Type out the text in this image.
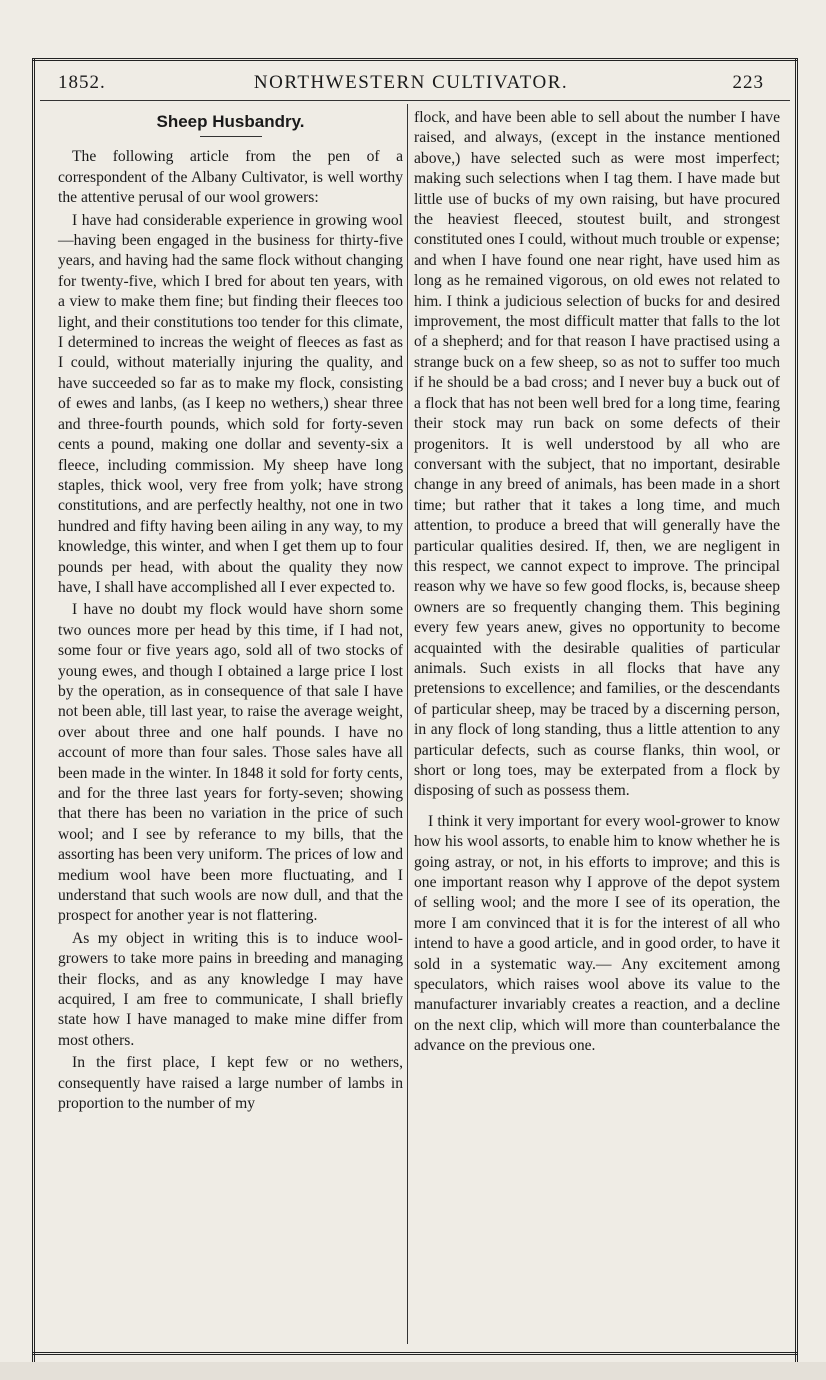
NORTHWESTERN CULTIVATOR.
1852.	223
Sheep Husbandry.

The following article from the pen of a correspondent of the Albany Cultivator, is well worthy the attentive perusal of our wool growers:

I have had considerable experience in growing wool—having been engaged in the business for thirty-five years, and having had the same flock without changing for twenty-five, which I bred for about ten years, with a view to make them fine; but finding their fleeces too light, and their constitutions too tender for this climate, I determined to increas the weight of fleeces as fast as I could, without materially injuring the quality, and have succeeded so far as to make my flock, consisting of ewes and lanbs, (as I keep no wethers,) shear three and three-fourth pounds, which sold for forty-seven cents a pound, making one dollar and seventy-six a fleece, including commission. My sheep have long staples, thick wool, very free from yolk; have strong constitutions, and are perfectly healthy, not one in two hundred and fifty having been ailing in any way, to my knowledge, this winter, and when I get them up to four pounds per head, with about the quality they now have, I shall have accomplished all I ever expected to.

I have no doubt my flock would have shorn some two ounces more per head by this time, if I had not, some four or five years ago, sold all of two stocks of young ewes, and though I obtained a large price I lost by the operation, as in consequence of that sale I have not been able, till last year, to raise the average weight, over about three and one half pounds. I have no account of more than four sales. Those sales have all been made in the winter. In 1848 it sold for forty cents, and for the three last years for forty-seven; showing that there has been no variation in the price of such wool; and I see by referance to my bills, that the assorting has been very uniform. The prices of low and medium wool have been more fluctuating, and I understand that such wools are now dull, and that the prospect for another year is not flattering.

As my object in writing this is to induce wool-growers to take more pains in breeding and managing their flocks, and as any knowledge I may have acquired, I am free to communicate, I shall briefly state how I have managed to make mine differ from most others.

In the first place, I kept few or no wethers, consequently have raised a large number of lambs in proportion to the number of my

flock, and have been able to sell about the number I have raised, and always, (except in the instance mentioned above,) have selected such as were most imperfect; making such selections when I tag them. I have made but little use of bucks of my own raising, but have procured the heaviest fleeced, stoutest built, and strongest constituted ones I could, without much trouble or expense; and when I have found one near right, have used him as long as he remained vigorous, on old ewes not related to him. I think a judicious selection of bucks for and desired improvement, the most difficult matter that falls to the lot of a shepherd; and for that reason I have practised using a strange buck on a few sheep, so as not to suffer too much if he should be a bad cross; and I never buy a buck out of a flock that has not been well bred for a long time, fearing their stock may run back on some defects of their progenitors. It is well understood by all who are conversant with the subject, that no important, desirable change in any breed of animals, has been made in a short time; but rather that it takes a long time, and much attention, to produce a breed that will generally have the particular qualities desired. If, then, we are negligent in this respect, we cannot expect to improve. The principal reason why we have so few good flocks, is, because sheep owners are so frequently changing them. This begining every few years anew, gives no opportunity to become acquainted with the desirable qualities of particular animals. Such exists in all flocks that have any pretensions to excellence; and families, or the descendants of particular sheep, may be traced by a discerning person, in any flock of long standing, thus a little attention to any particular defects, such as course flanks, thin wool, or short or long toes, may be exterpated from a flock by disposing of such as possess them.

I think it very important for every wool-grower to know how his wool assorts, to enable him to know whether he is going astray, or not, in his efforts to improve; and this is one important reason why I approve of the depot system of selling wool; and the more I see of its operation, the more I am convinced that it is for the interest of all who intend to have a good article, and in good order, to have it sold in a systematic way.— Any excitement among speculators, which raises wool above its value to the manufacturer invariably creates a reaction, and a decline on the next clip, which will more than counterbalance the advance on the previous one.
